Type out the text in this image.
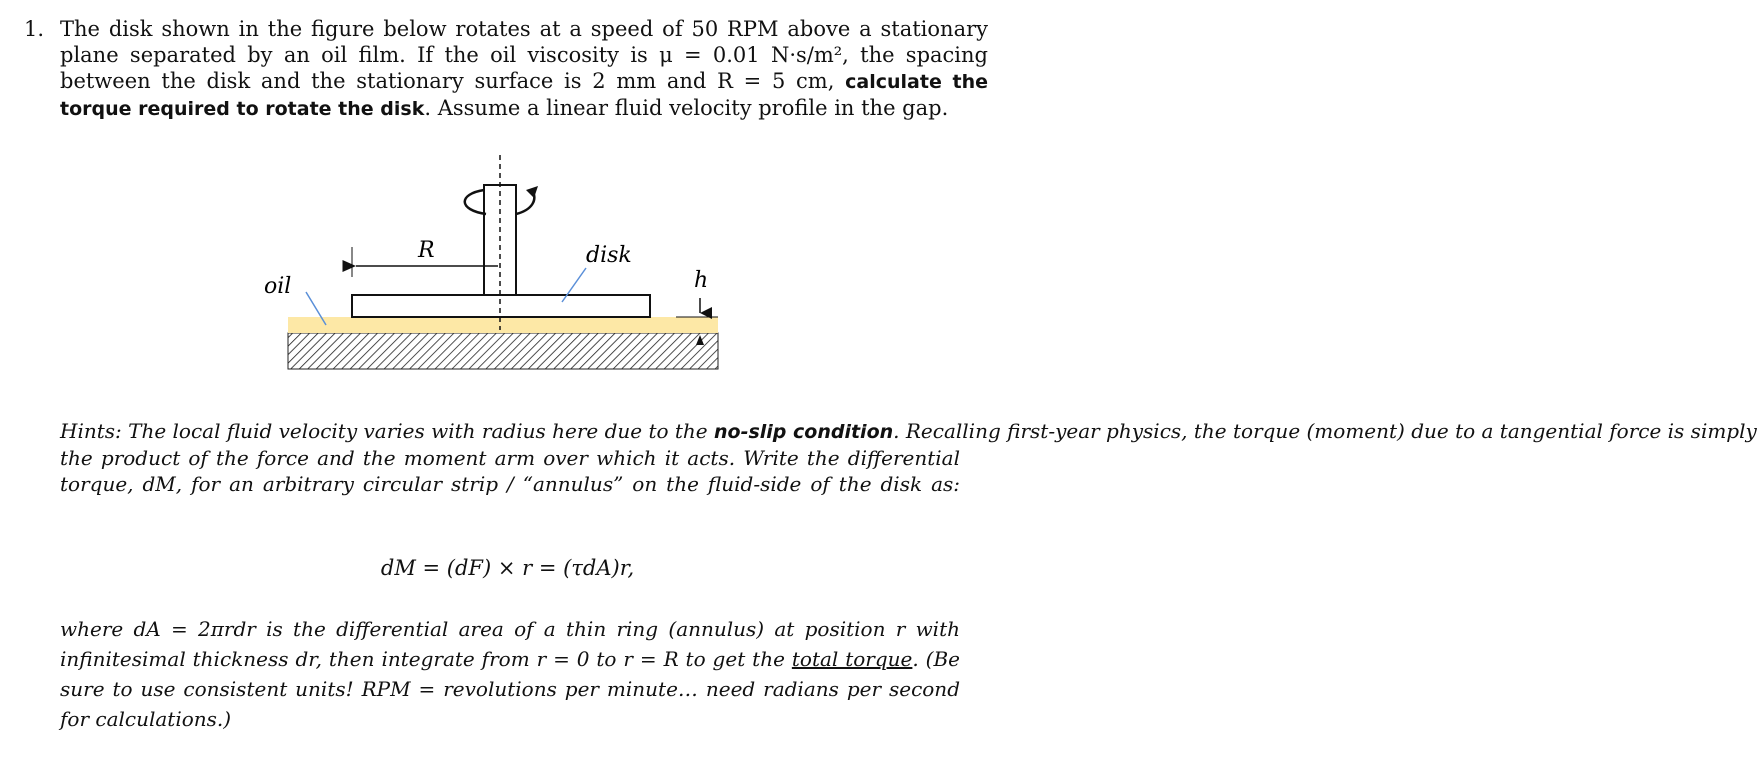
1. The disk shown in the figure below rotates at a speed of 50 RPM above a stationary
plane separated by an oil film. If the oil viscosity is μ = 0.01 N·s/m², the spacing
between the disk and the stationary surface is 2 mm and R = 5 cm, calculate the
torque required to rotate the disk. Assume a linear fluid velocity profile in the gap.
R	disk
oil	h
Hints: The local fluid velocity varies with radius here due to the no-slip condition. Recalling first-year physics, the torque (moment) due to a tangential force is simply
the product of the force and the moment arm over which it acts. Write the differential
torque, dM, for an arbitrary circular strip / “annulus” on the fluid-side of the disk as:
dM = (dF) × r = (τdA)r,
where dA = 2πrdr is the differential area of a thin ring (annulus) at position r with
infinitesimal thickness dr, then integrate from r = 0 to r = R to get the total torque. (Be
sure to use consistent units! RPM = revolutions per minute… need radians per second
for calculations.)
